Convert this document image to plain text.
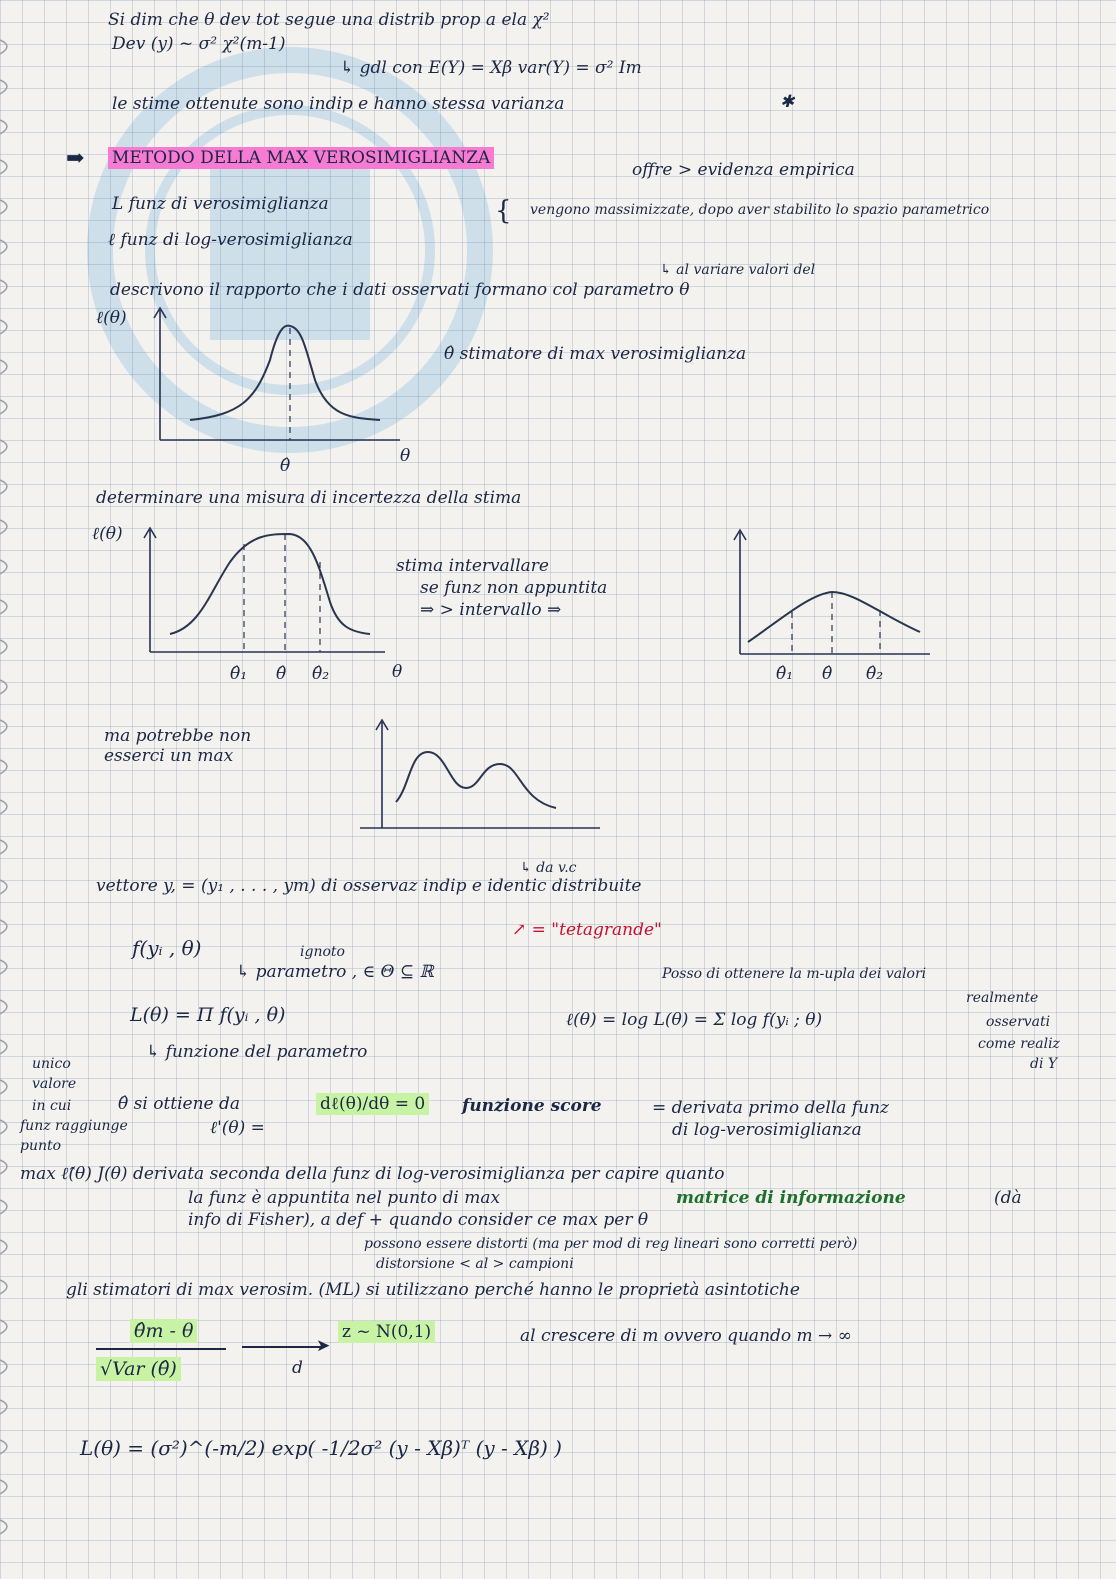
Si dim che θ dev tot segue una distrib prop a ela χ²
Dev (y) ~ σ² χ²(m-1)
↳ gdl con E(Y) = Xβ var(Y) = σ² Im
le stime ottenute sono indip e hanno stessa varianza	✱
➡ METODO DELLA MAX VEROSIMIGLIANZA
offre > evidenza empirica
L funz di verosimiglianza
ℓ funz di log-verosimiglianza
{ vengono massimizzate, dopo aver stabilito lo spazio parametrico
↳ al variare valori del
descrivono il rapporto che i dati osservati formano col parametro θ
ℓ(θ)
θ
θ̂
θ̂ stimatore di max verosimiglianza
determinare una misura di incertezza della stima
ℓ(θ)
θ
θ̂₁ θ̂ θ̂₂
stima intervallare
se funz non appuntita
⇒ > intervallo ⇒
θ̂₁ θ̂ θ̂₂
ma potrebbe non
esserci un max
↳ da v.c
vettore y, = (y₁ , . . . , ym) di osservaz indip e identic distribuite
↗ = "tetagrande"
f(yᵢ , θ)	ignoto
↳ parametro , ∈ Θ ⊆ ℝ	Posso di ottenere la m-upla dei valori
realmente
L(θ) = Π f(yᵢ , θ)	ℓ(θ) = log L(θ) = Σ log f(yᵢ ; θ)	osservati
come realiz
di Y
↳ funzione del parametro
unico
valore
in cui
funz raggiunge
punto
θ̂ si ottiene da
ℓ'(θ) =
dℓ(θ)/dθ = 0 funzione score	= derivata primo della funz
di log-verosimiglianza
max ℓ̂(θ) J(θ) derivata seconda della funz di log-verosimiglianza per capire quanto
la funz è appuntita nel punto di max	matrice di informazione	(dà
info di Fisher), a def + quando consider ce max per θ
possono essere distorti (ma per mod di reg lineari sono corretti però)
distorsione < al > campioni
gli stimatori di max verosim. (ML) si utilizzano perché hanno le proprietà asintotiche
θ̂m - θ
√Var (θ̂)
➤
d
z ~ N(0,1)	al crescere di m ovvero quando m → ∞
L(θ) = (σ²)^(-m/2) exp( -1/2σ² (y - Xβ)ᵀ (y - Xβ) )
